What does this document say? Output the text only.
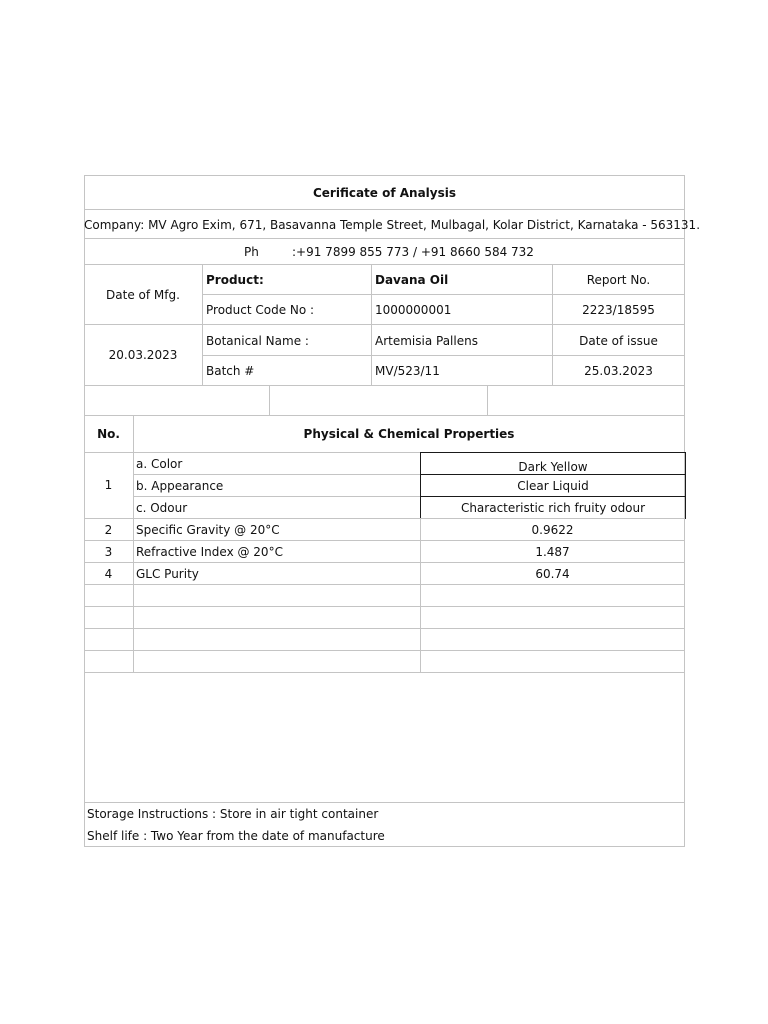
Cerificate of Analysis
Company: MV Agro Exim, 671, Basavanna Temple Street, Mulbagal, Kolar District, Karnataka - 563131.
Ph	:+91 7899 855 773 / +91 8660 584 732
Date of Mfg.
20.03.2023
Product:	Davana Oil	Report No.
Product Code No :	1000000001	2223/18595
Botanical Name :	Artemisia Pallens	Date of issue
Batch #	MV/523/11	25.03.2023
No.	Physical & Chemical Properties
1
a. Color	Dark Yellow
b. Appearance	Clear Liquid
c. Odour	Characteristic rich fruity odour
2	Specific Gravity @ 20°C	0.9622
3	Refractive Index @ 20°C	1.487
4	GLC Purity	60.74
Storage Instructions : Store in air tight container
Shelf life : Two Year from the date of manufacture
